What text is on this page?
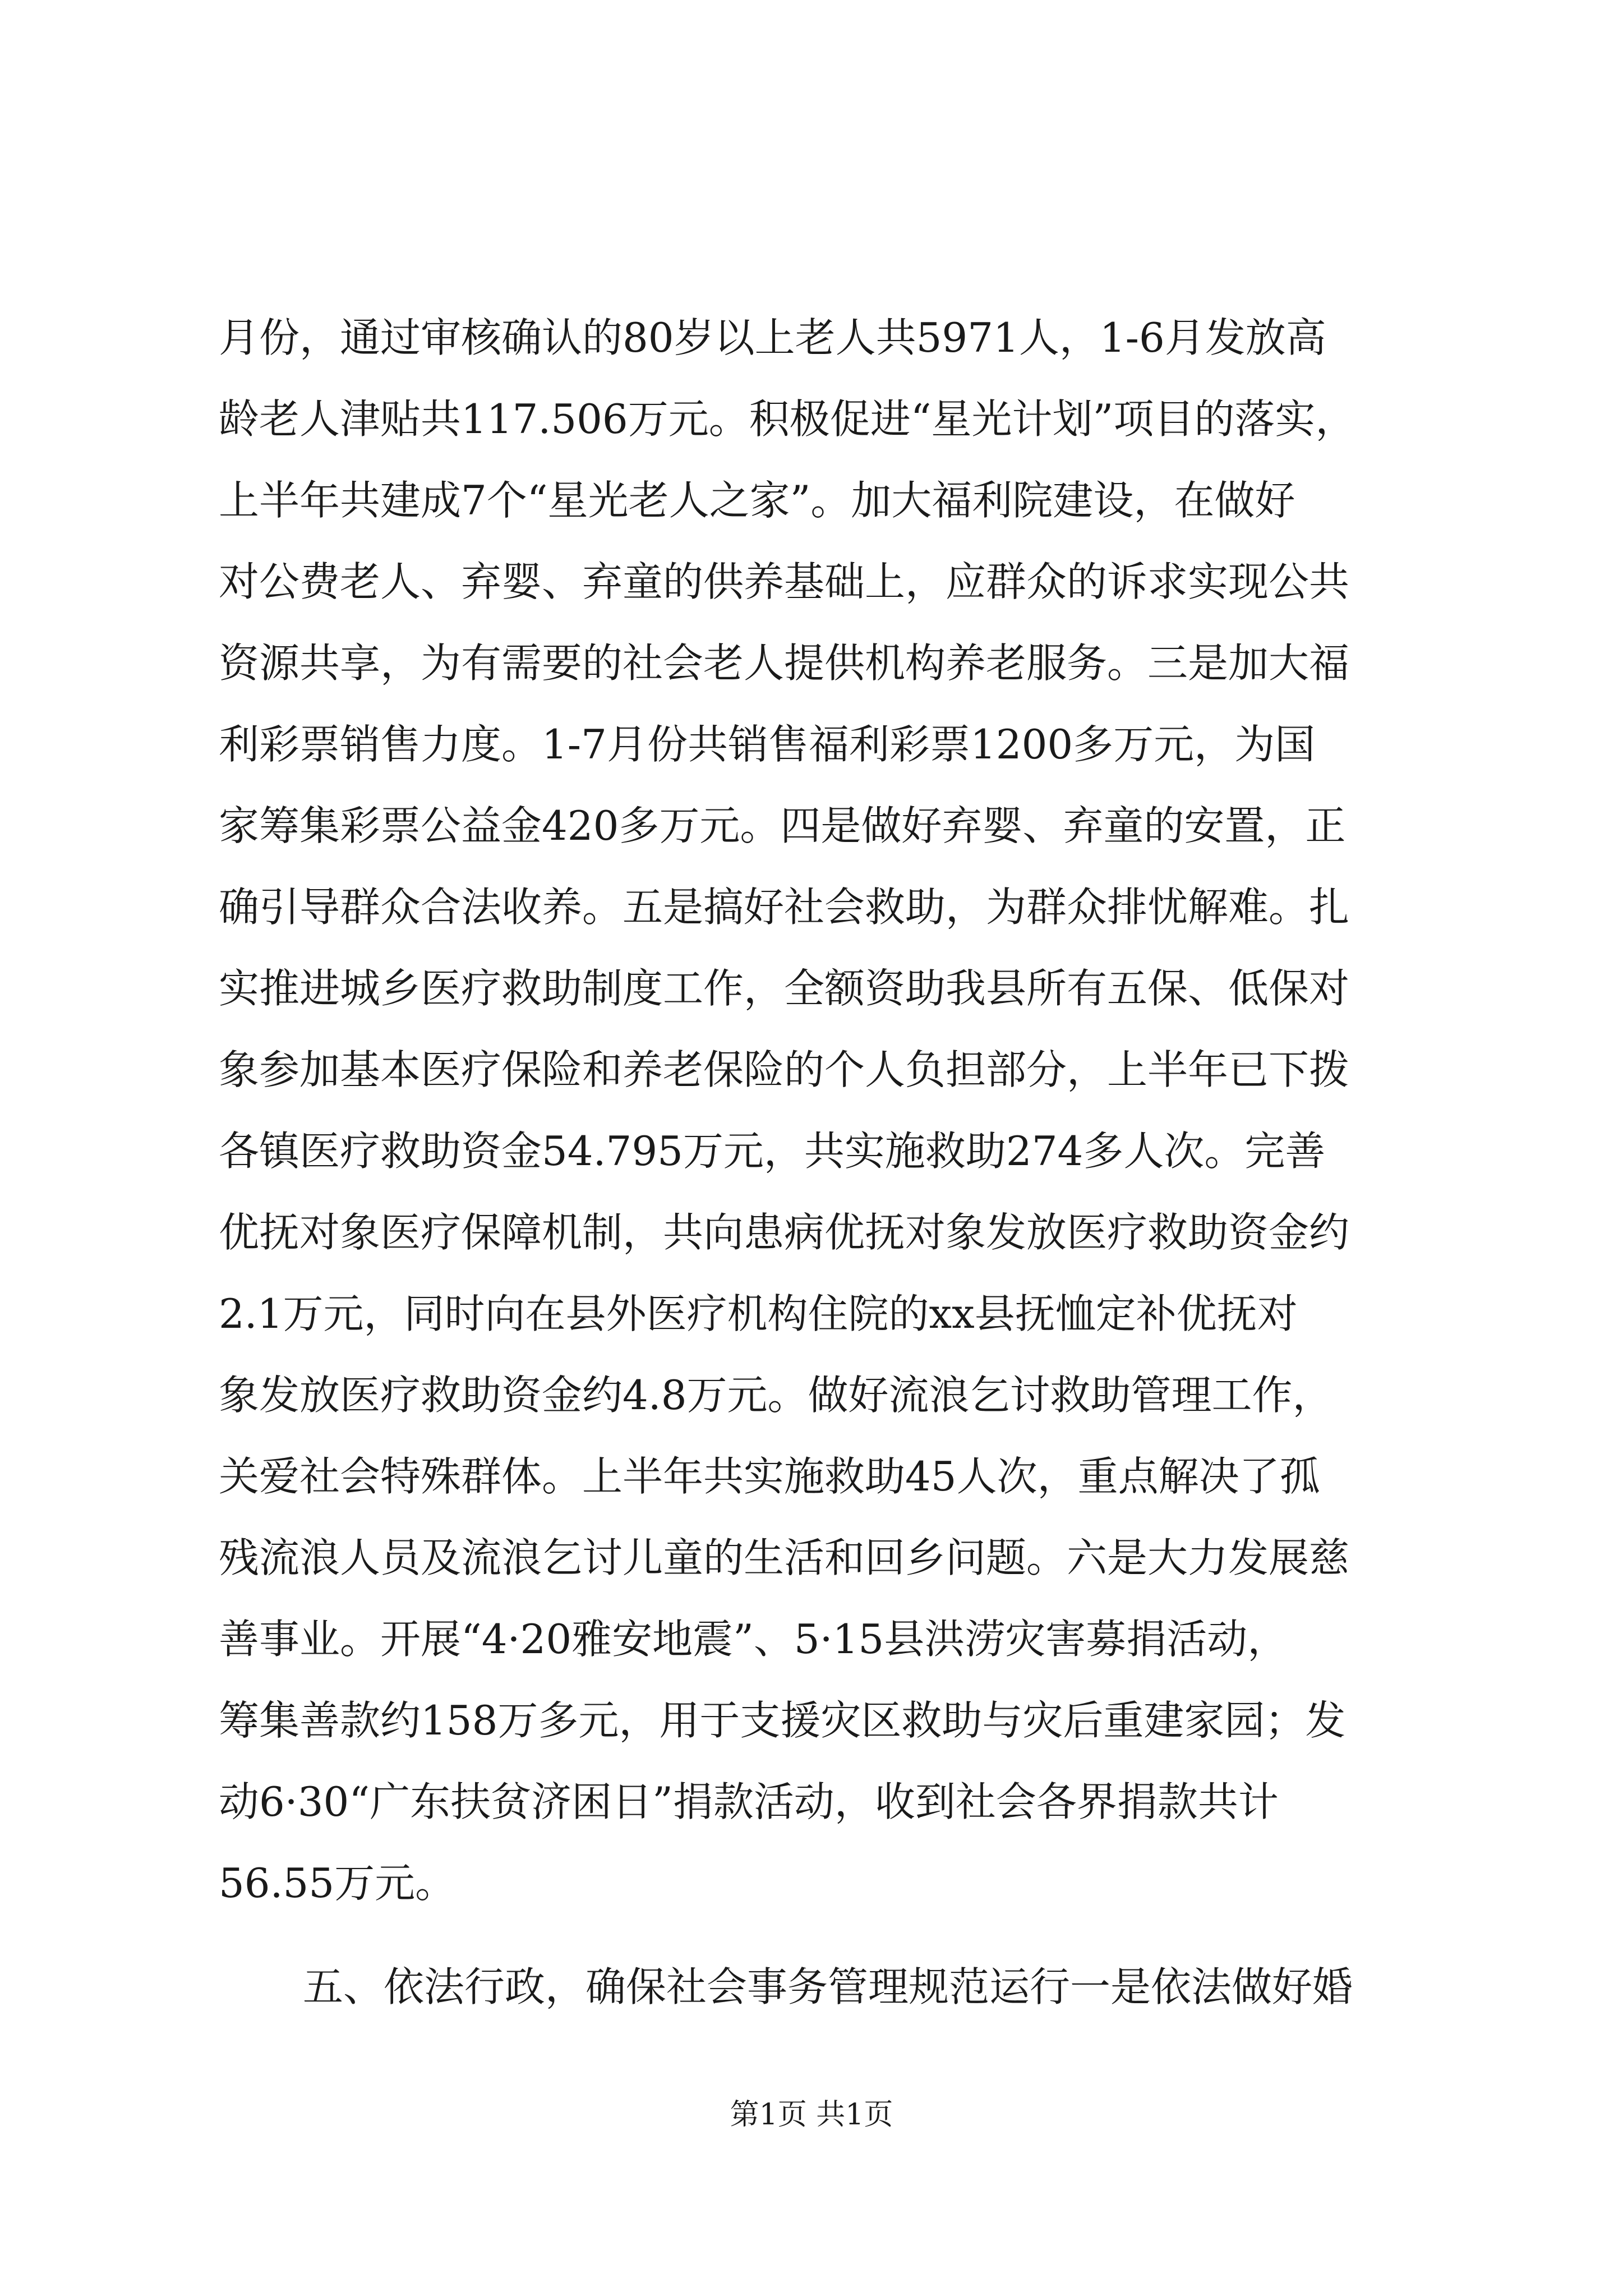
月份，通过审核确认的80岁以上老人共5971人，1-6月发放高
龄老人津贴共117.506万元。积极促进“星光计划”项目的落实，
上半年共建成7个“星光老人之家”。加大福利院建设，在做好
对公费老人、弃婴、弃童的供养基础上，应群众的诉求实现公共
资源共享，为有需要的社会老人提供机构养老服务。三是加大福
利彩票销售力度。1-7月份共销售福利彩票1200多万元，为国
家筹集彩票公益金420多万元。四是做好弃婴、弃童的安置，正
确引导群众合法收养。五是搞好社会救助，为群众排忧解难。扎
实推进城乡医疗救助制度工作，全额资助我县所有五保、低保对
象参加基本医疗保险和养老保险的个人负担部分，上半年已下拨
各镇医疗救助资金54.795万元，共实施救助274多人次。完善
优抚对象医疗保障机制，共向患病优抚对象发放医疗救助资金约
2.1万元，同时向在县外医疗机构住院的xx县抚恤定补优抚对
象发放医疗救助资金约4.8万元。做好流浪乞讨救助管理工作，
关爱社会特殊群体。上半年共实施救助45人次，重点解决了孤
残流浪人员及流浪乞讨儿童的生活和回乡问题。六是大力发展慈
善事业。开展“4·20雅安地震”、5·15县洪涝灾害募捐活动，
筹集善款约158万多元，用于支援灾区救助与灾后重建家园；发
动6·30“广东扶贫济困日”捐款活动，收到社会各界捐款共计
56.55万元。
五、依法行政，确保社会事务管理规范运行一是依法做好婚
第1页 共1页
